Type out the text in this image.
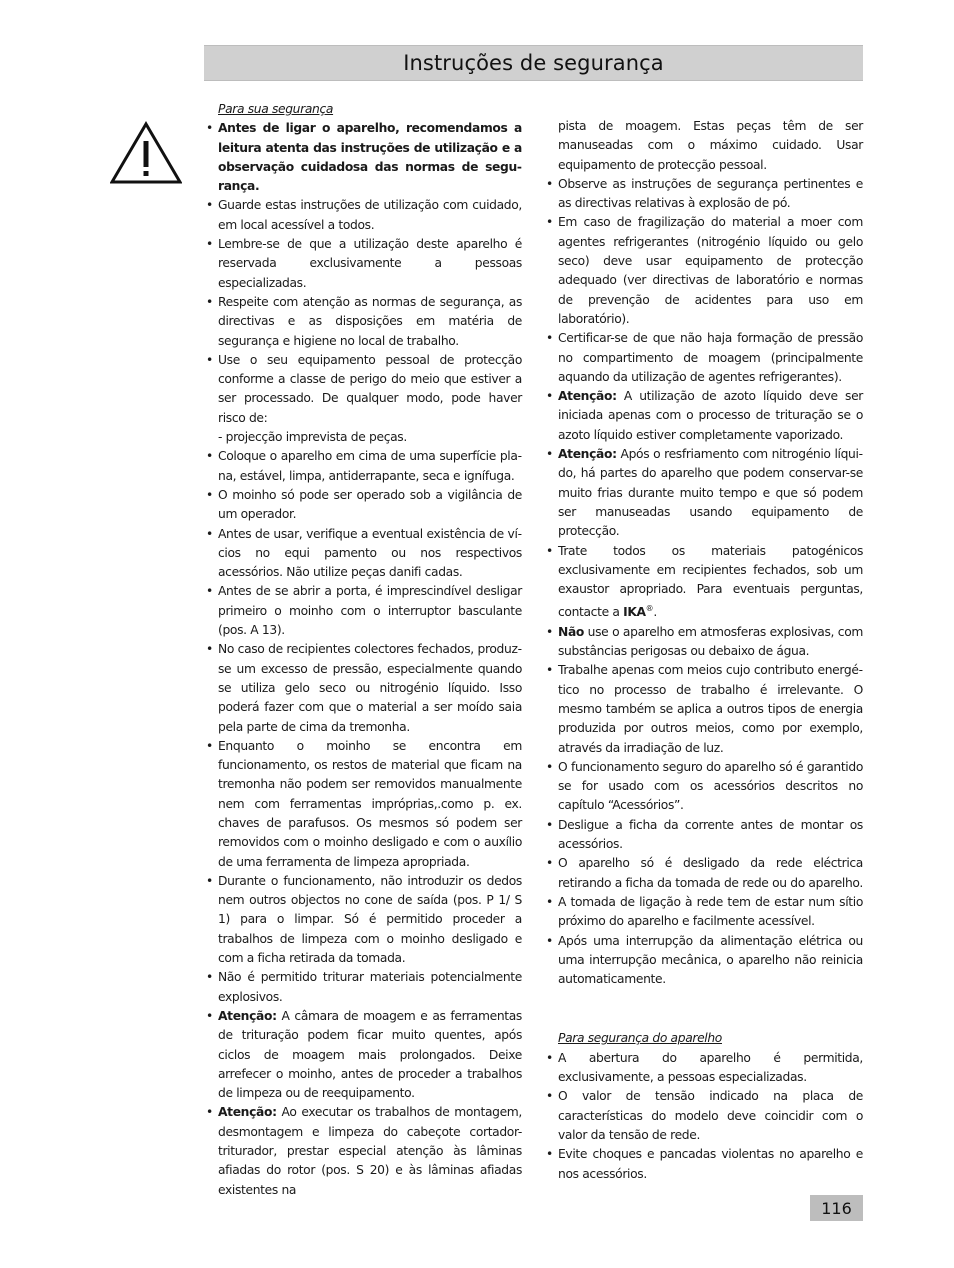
Instruções de segurança
Para sua segurança
• Antes de ligar o aparelho, recomendamos a leitura atenta das instruções de utilização e a observação cuidadosa das normas de segurança.
• Guarde estas instruções de utilização com cuidado, em local acessível a todos.
• Lembre-se de que a utilização deste aparelho é reservada exclusivamente a pessoas especializadas.
• Respeite com atenção as normas de segurança, as directivas e as disposições em matéria de segurança e higiene no local de trabalho.
• Use o seu equipamento pessoal de protecção conforme a classe de perigo do meio que estiver a ser processado. De qualquer modo, pode haver risco de:
- projecção imprevista de peças.
• Coloque o aparelho em cima de uma superfície plana, estável, limpa, antiderrapante, seca e ignífuga.
• O moinho só pode ser operado sob a vigilância de um operador.
• Antes de usar, verifique a eventual existência de vícios no equi pamento ou nos respectivos acessórios. Não utilize peças danifi cadas.
• Antes de se abrir a porta, é imprescindível desligar primeiro o moinho com o interruptor basculante (pos. A 13).
• No caso de recipientes colectores fechados, produzse um excesso de pressão, especialmente quando se utiliza gelo seco ou nitrogénio líquido. Isso poderá fazer com que o material a ser moído saia pela parte de cima da tremonha.
• Enquanto o moinho se encontra em funcionamento, os restos de material que ficam na tremonha não podem ser removidos manualmente nem com ferramentas impróprias,.como p. ex. chaves de parafusos. Os mesmos só podem ser removidos com o moinho desligado e com o auxílio de uma ferramenta de limpeza apropriada.
• Durante o funcionamento, não introduzir os dedos nem outros objectos no cone de saída (pos. P 1/ S 1) para o limpar. Só é permitido proceder a trabalhos de limpeza com o moinho desligado e com a ficha retirada da tomada.
• Não é permitido triturar materiais potencialmente explosivos.
• Atenção: A câmara de moagem e as ferramentas de trituração podem ficar muito quentes, após ciclos de moagem mais prolongados. Deixe arrefecer o moinho, antes de proceder a trabalhos de limpeza ou de reequipamento.
• Atenção: Ao executar os trabalhos de montagem, desmontagem e limpeza do cabeçote cortador-triturador, prestar especial atenção às lâminas afiadas do rotor (pos. S 20) e às lâminas afiadas existentes na
pista de moagem. Estas peças têm de ser manuseadas com o máximo cuidado. Usar equipamento de protecção pessoal.
• Observe as instruções de segurança pertinentes e as directivas relativas à explosão de pó.
• Em caso de fragilização do material a moer com agentes refrigerantes (nitrogénio líquido ou gelo seco) deve usar equipamento de protecção adequado (ver directivas de laboratório e normas de prevenção de acidentes para uso em laboratório).
• Certificar-se de que não haja formação de pressão no compartimento de moagem (principalmente aquando da utilização de agentes refrigerantes).
• Atenção: A utilização de azoto líquido deve ser iniciada apenas com o processo de trituração se o azoto líquido estiver completamente vaporizado.
• Atenção: Após o resfriamento com nitrogénio líquido, há partes do aparelho que podem conservar-se muito frias durante muito tempo e que só podem ser manuseadas usando equipamento de protecção.
• Trate todos os materiais patogénicos exclusivamente em recipientes fechados, sob um exaustor apropriado. Para eventuais perguntas, contacte a IKA®.
• Não use o aparelho em atmosferas explosivas, com substâncias perigosas ou debaixo de água.
• Trabalhe apenas com meios cujo contributo energético no processo de trabalho é irrelevante. O mesmo também se aplica a outros tipos de energia produzida por outros meios, como por exemplo, através da irradiação de luz.
• O funcionamento seguro do aparelho só é garantido se for usado com os acessórios descritos no capítulo “Acessórios”.
• Desligue a ficha da corrente antes de montar os acessórios.
• O aparelho só é desligado da rede eléctrica retirando a ficha da tomada de rede ou do aparelho.
• A tomada de ligação à rede tem de estar num sítio próximo do aparelho e facilmente acessível.
• Após uma interrupção da alimentação elétrica ou uma interrupção mecânica, o aparelho não reinicia automaticamente.
Para segurança do aparelho
• A abertura do aparelho é permitida, exclusivamente, a pessoas especializadas.
• O valor de tensão indicado na placa de características do modelo deve coincidir com o valor da tensão de rede.
• Evite choques e pancadas violentas no aparelho e nos acessórios.
116
